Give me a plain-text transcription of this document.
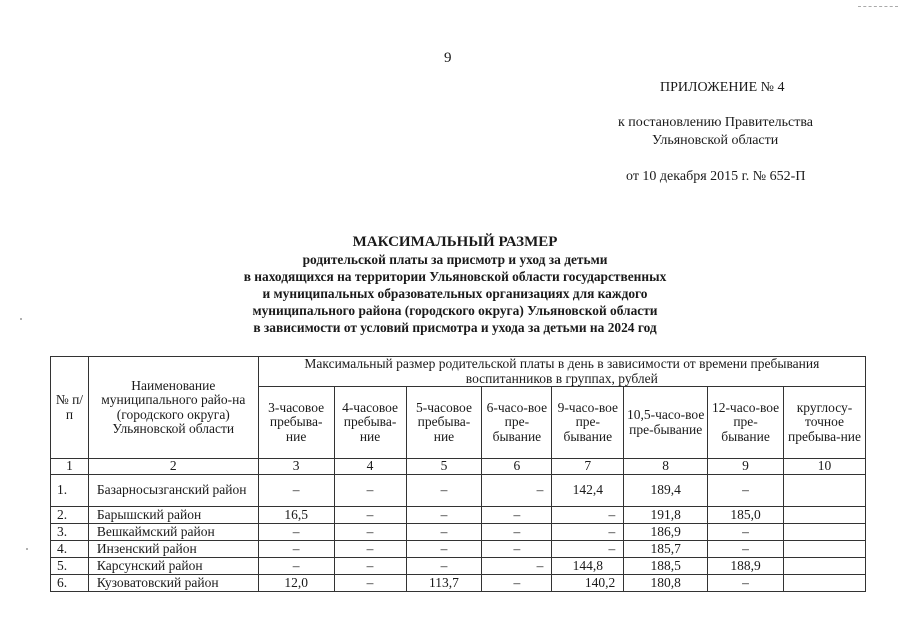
9
ПРИЛОЖЕНИЕ № 4
к постановлению Правительства
Ульяновской области
от 10 декабря 2015 г. № 652-П
МАКСИМАЛЬНЫЙ РАЗМЕР
родительской платы за присмотр и уход за детьми
в находящихся на территории Ульяновской области государственных
и муниципальных образовательных организациях для каждого
муниципального района (городского округа) Ульяновской области
в зависимости от условий присмотра и ухода за детьми на 2024 год
№ п/п	Наименование муниципального райо-на (городского округа) Ульяновской области	Максимальный размер родительской платы в день в зависимости от времени пребывания воспитанников в группах, рублей							
		3-часовое пребыва-ние	4-часовое пребыва-ние	5-часовое пребыва-ние	6-часо-вое пре-бывание	9-часо-вое пре-бывание	10,5-часо-вое пре-бывание	12-часо-вое пре-бывание	круглосу-точное пребыва-ние
1	2	3	4	5	6	7	8	9	10
1.	Базарносызганский район	–	–	–	–	142,4	189,4	–	
2.	Барышский район	16,5	–	–	–	–	191,8	185,0	
3.	Вешкаймский район	–	–	–	–	–	186,9	–	
4.	Инзенский район	–	–	–	–	–	185,7	–	
5.	Карсунский район	–	–	–	–	144,8	188,5	188,9	
6.	Кузоватовский район	12,0	–	113,7	–	140,2	180,8	–	
